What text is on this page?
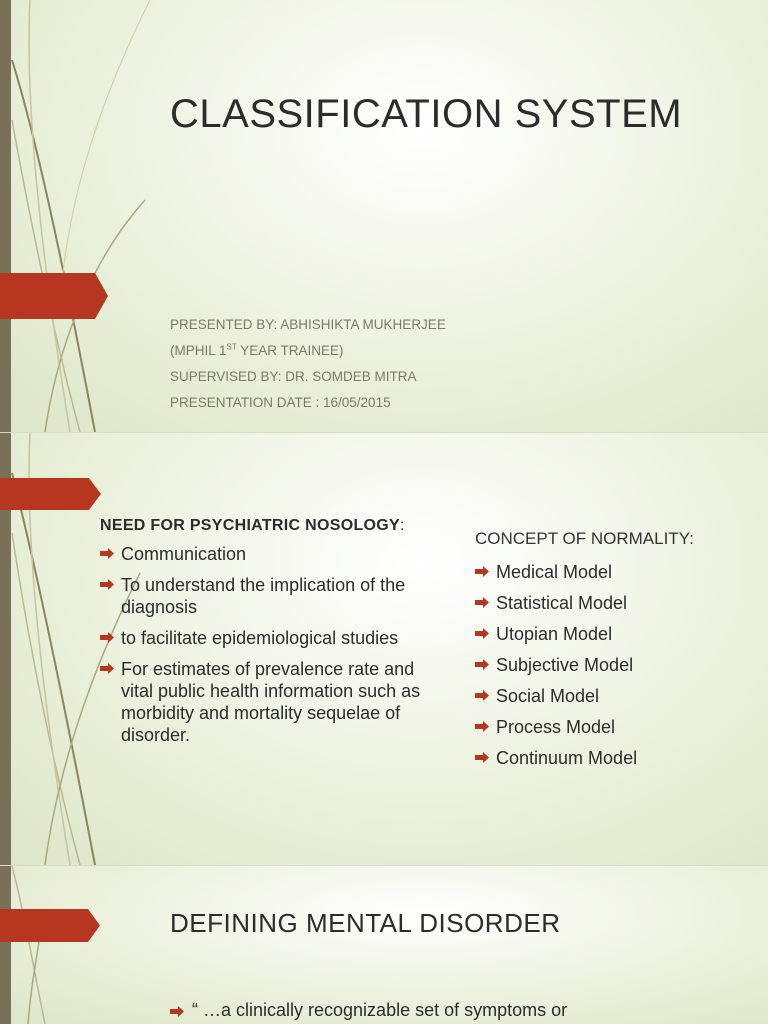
CLASSIFICATION SYSTEM
PRESENTED BY: ABHISHIKTA MUKHERJEE
(MPHIL 1ST YEAR TRAINEE)
SUPERVISED BY: DR. SOMDEB MITRA
PRESENTATION DATE : 16/05/2015
NEED FOR PSYCHIATRIC NOSOLOGY:
Communication
To understand the implication of the diagnosis
to facilitate epidemiological studies
For estimates of prevalence rate and vital public health information such as morbidity and mortality sequelae of disorder.
CONCEPT OF NORMALITY:
Medical Model
Statistical Model
Utopian Model
Subjective Model
Social Model
Process Model
Continuum Model
DEFINING MENTAL DISORDER
“ …a clinically recognizable set of symptoms or
